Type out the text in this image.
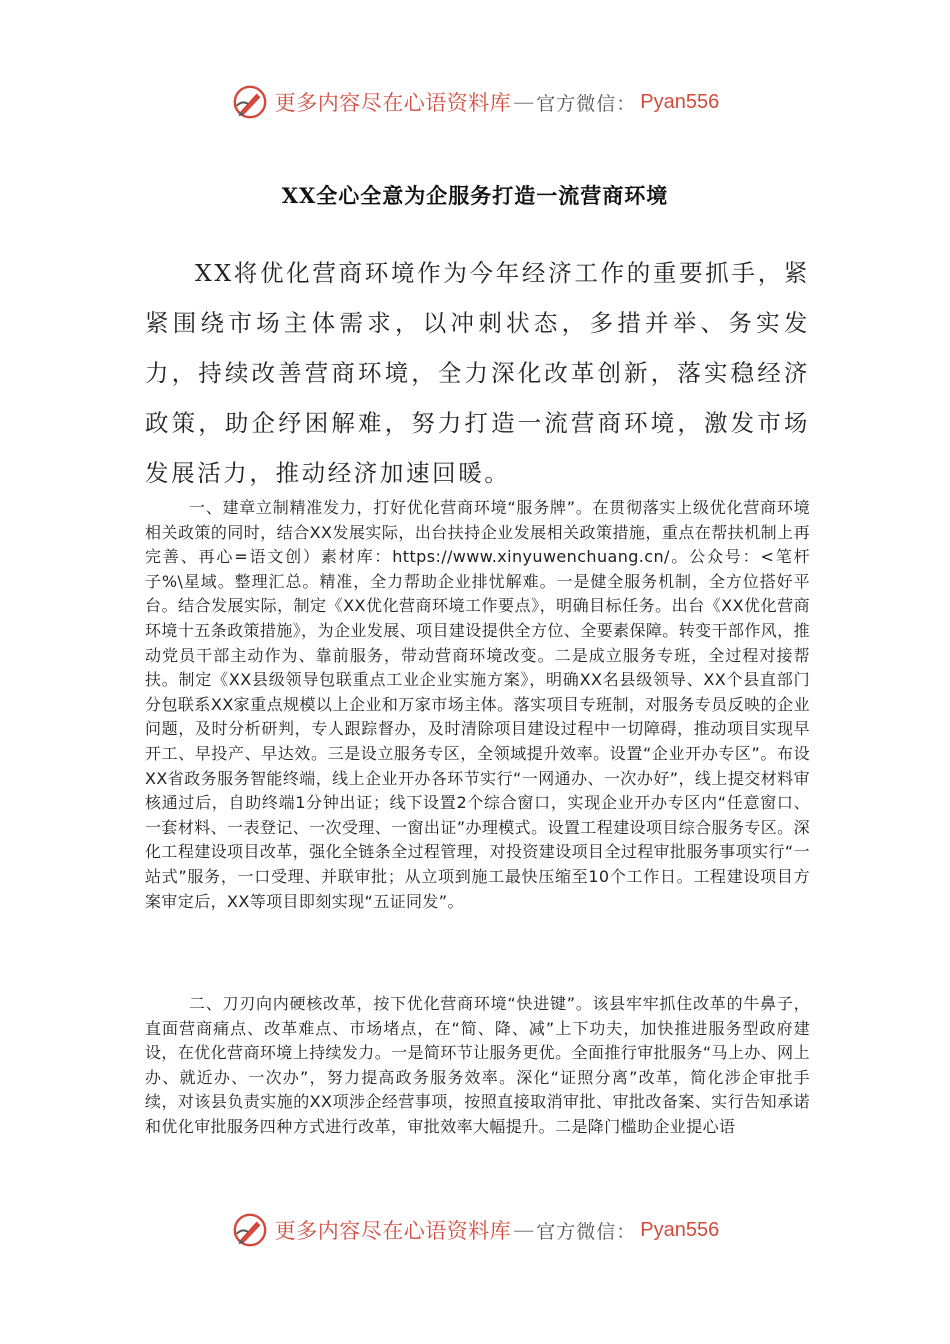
更多内容尽在心语资料库 — 官方微信： Pyan556
XX全心全意为企服务打造一流营商环境

XX将优化营商环境作为今年经济工作的重要抓手，紧紧围绕市场主体需求，以冲刺状态，多措并举、务实发力，持续改善营商环境，全力深化改革创新，落实稳经济政策，助企纾困解难，努力打造一流营商环境，激发市场发展活力，推动经济加速回暖。

一、建章立制精准发力，打好优化营商环境“服务牌”。在贯彻落实上级优化营商环境相关政策的同时，结合XX发展实际，出台扶持企业发展相关政策措施，重点在帮扶机制上再完善、再心=语文创）素材库：https://www.xinyuwenchuang.cn/。公众号：<笔杆子%\星域。整理汇总。精准，全力帮助企业排忧解难。一是健全服务机制，全方位搭好平台。结合发展实际，制定《XX优化营商环境工作要点》，明确目标任务。出台《XX优化营商环境十五条政策措施》，为企业发展、项目建设提供全方位、全要素保障。转变干部作风，推动党员干部主动作为、靠前服务，带动营商环境改变。二是成立服务专班，全过程对接帮扶。制定《XX县级领导包联重点工业企业实施方案》，明确XX名县级领导、XX个县直部门分包联系XX家重点规模以上企业和万家市场主体。落实项目专班制，对服务专员反映的企业问题，及时分析研判，专人跟踪督办，及时清除项目建设过程中一切障碍，推动项目实现早开工、早投产、早达效。三是设立服务专区，全领域提升效率。设置“企业开办专区”。布设XX省政务服务智能终端，线上企业开办各环节实行“一网通办、一次办好”，线上提交材料审核通过后，自助终端1分钟出证；线下设置2个综合窗口，实现企业开办专区内“任意窗口、一套材料、一表登记、一次受理、一窗出证”办理模式。设置工程建设项目综合服务专区。深化工程建设项目改革，强化全链条全过程管理，对投资建设项目全过程审批服务事项实行“一站式”服务，一口受理、并联审批；从立项到施工最快压缩至10个工作日。工程建设项目方案审定后，XX等项目即刻实现“五证同发”。

二、刀刃向内硬核改革，按下优化营商环境“快进键”。该县牢牢抓住改革的牛鼻子，直面营商痛点、改革难点、市场堵点，在“简、降、减”上下功夫，加快推进服务型政府建设，在优化营商环境上持续发力。一是简环节让服务更优。全面推行审批服务“马上办、网上办、就近办、一次办”，努力提高政务服务效率。深化“证照分离”改革，简化涉企审批手续，对该县负责实施的XX项涉企经营事项，按照直接取消审批、审批改备案、实行告知承诺和优化审批服务四种方式进行改革，审批效率大幅提升。二是降门槛助企业提心语

更多内容尽在心语资料库 — 官方微信： Pyan556
